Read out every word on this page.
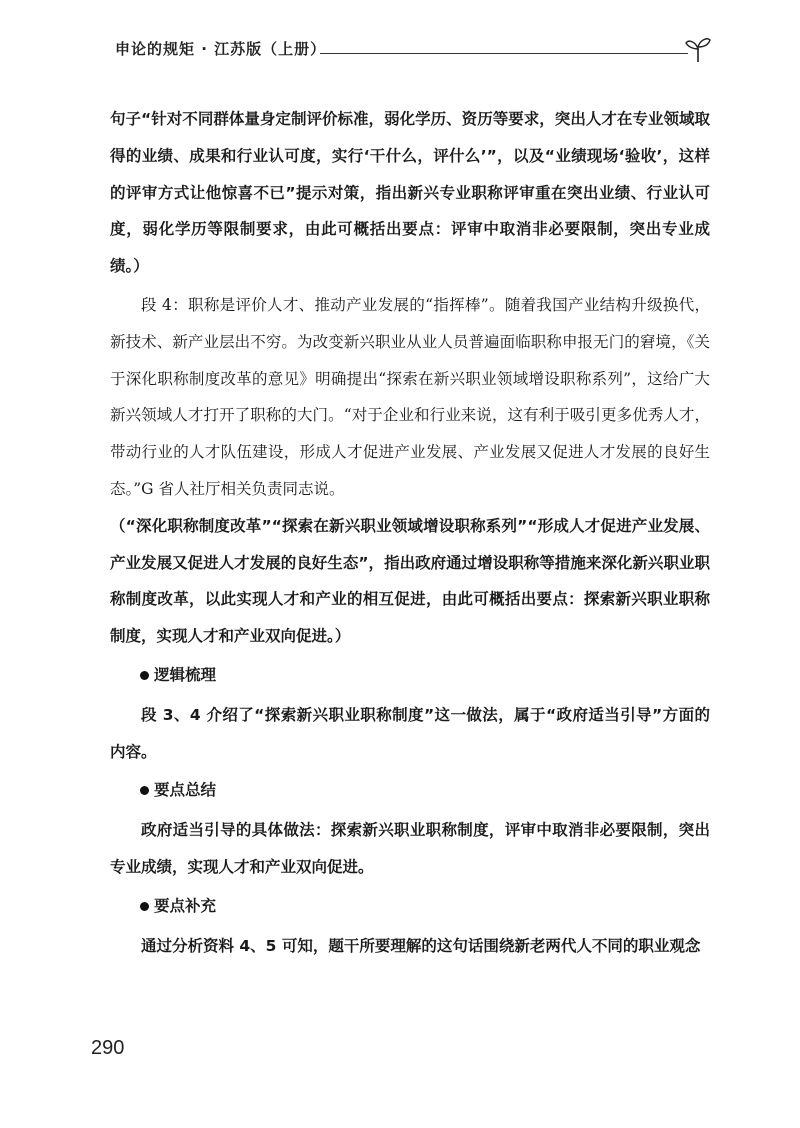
申论的规矩 · 江苏版（上册）

句子“针对不同群体量身定制评价标准，弱化学历、资历等要求，突出人才在专业领域取得的业绩、成果和行业认可度，实行‘干什么，评什么’”，以及“业绩现场‘验收’，这样的评审方式让他惊喜不已”提示对策，指出新兴专业职称评审重在突出业绩、行业认可度，弱化学历等限制要求，由此可概括出要点：评审中取消非必要限制，突出专业成绩。）

段 4：职称是评价人才、推动产业发展的“指挥棒”。随着我国产业结构升级换代，新技术、新产业层出不穷。为改变新兴职业从业人员普遍面临职称申报无门的窘境，《关于深化职称制度改革的意见》明确提出“探索在新兴职业领域增设职称系列”，这给广大新兴领域人才打开了职称的大门。“对于企业和行业来说，这有利于吸引更多优秀人才，带动行业的人才队伍建设，形成人才促进产业发展、产业发展又促进人才发展的良好生态。”G 省人社厅相关负责同志说。

（“深化职称制度改革”“探索在新兴职业领域增设职称系列”“形成人才促进产业发展、产业发展又促进人才发展的良好生态”，指出政府通过增设职称等措施来深化新兴职业职称制度改革，以此实现人才和产业的相互促进，由此可概括出要点：探索新兴职业职称制度，实现人才和产业双向促进。）

逻辑梳理

段 3、4 介绍了“探索新兴职业职称制度”这一做法，属于“政府适当引导”方面的内容。

要点总结

政府适当引导的具体做法：探索新兴职业职称制度，评审中取消非必要限制，突出专业成绩，实现人才和产业双向促进。

要点补充

通过分析资料 4、5 可知，题干所要理解的这句话围绕新老两代人不同的职业观念

290
